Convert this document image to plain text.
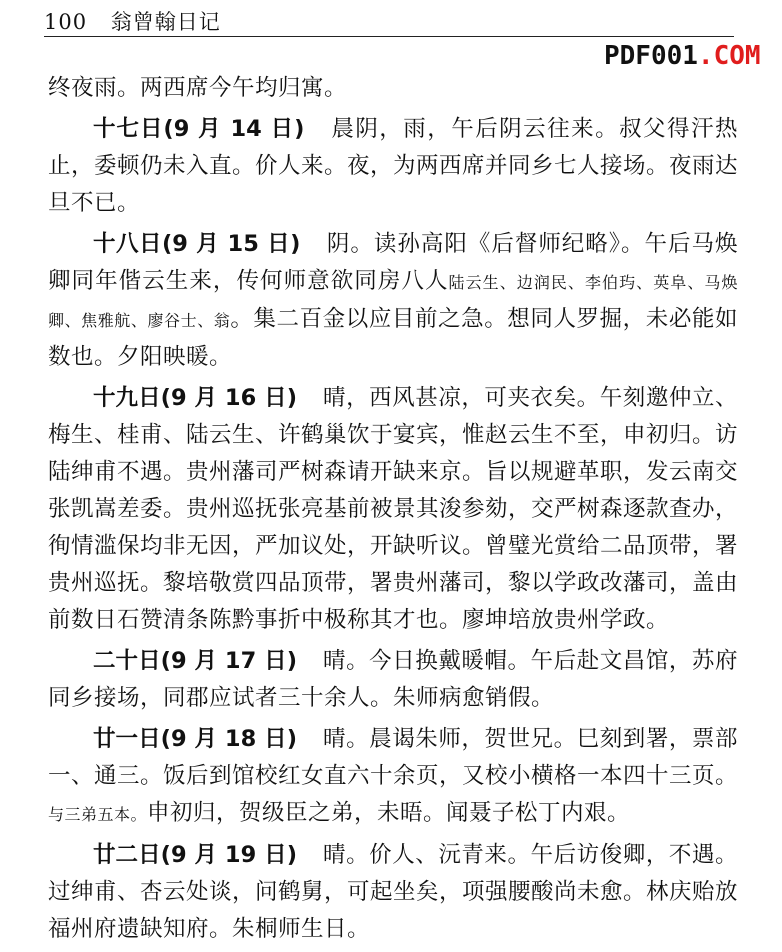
100 翁曾翰日记
PDF001.COM

终夜雨。两西席今午均归寓。

十七日(9 月 14 日) 晨阴，雨，午后阴云往来。叔父得汗热止，委顿仍未入直。价人来。夜，为两西席并同乡七人接场。夜雨达旦不已。

十八日(9 月 15 日) 阴。读孙高阳《后督师纪略》。午后马焕卿同年偕云生来，传何师意欲同房八人陆云生、边润民、李伯玙、英阜、马焕卿、焦雅航、廖谷士、翁。集二百金以应目前之急。想同人罗掘，未必能如数也。夕阳映暖。

十九日(9 月 16 日) 晴，西风甚凉，可夹衣矣。午刻邀仲立、梅生、桂甫、陆云生、许鹤巢饮于宴宾，惟赵云生不至，申初归。访陆绅甫不遇。贵州藩司严树森请开缺来京。旨以规避革职，发云南交张凯嵩差委。贵州巡抚张亮基前被景其浚参劾，交严树森逐款查办，徇情滥保均非无因，严加议处，开缺听议。曾璧光赏给二品顶带，署贵州巡抚。黎培敬赏四品顶带，署贵州藩司，黎以学政改藩司，盖由前数日石赞清条陈黔事折中极称其才也。廖坤培放贵州学政。

二十日(9 月 17 日) 晴。今日换戴暖帽。午后赴文昌馆，苏府同乡接场，同郡应试者三十余人。朱师病愈销假。

廿一日(9 月 18 日) 晴。晨谒朱师，贺世兄。巳刻到署，票部一、通三。饭后到馆校红女直六十余页，又校小横格一本四十三页。与三弟五本。申初归，贺级臣之弟，未晤。闻聂子松丁内艰。

廿二日(9 月 19 日) 晴。价人、沅青来。午后访俊卿，不遇。过绅甫、杏云处谈，问鹤舅，可起坐矣，项强腰酸尚未愈。林庆贻放福州府遗缺知府。朱桐师生日。
